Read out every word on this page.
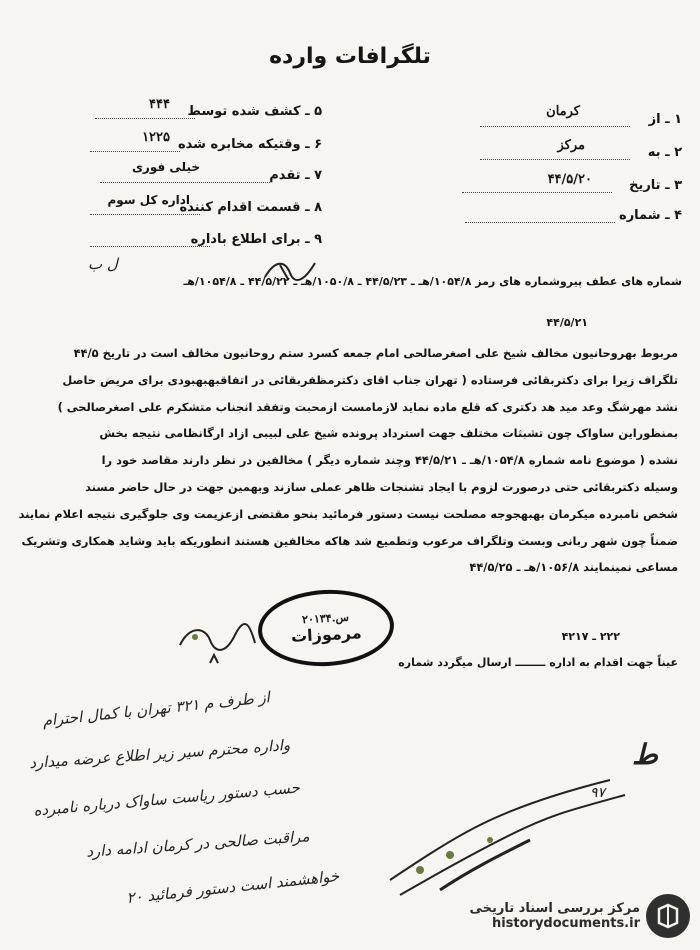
تلگرافات وارده
۱ ـ از
کرمان
۲ ـ به
مرکز
۳ ـ تاریخ
۴۴/۵/۲۰
۴ ـ شماره
۵ ـ کشف شده توسط
۴۴۴
۶ ـ وقتیکه مخابره شده
۱۲۲۵
۷ ـ تقدم
خیلی فوری
۸ ـ قسمت اقدام کننده
اداره کل سوم
۹ ـ برای اطلاع باداره
ل ب
شماره های عطف پیروشماره های رمز ۱۰۵۴/۸/هـ ـ ۴۴/۵/۲۳ ـ ۱۰۵۰/۸/هـ ـ ۴۴/۵/۲۲ ـ ۱۰۵۴/۸/هـ
۴۴/۵/۲۱
مربوط بهروحانیون مخالف شیخ علی اصغرصالحی امام جمعه کسرد ستم روحانیون مخالف است در تاریخ ۴۴/۵
تلگراف زیرا برای دکتربقائی فرستاده ( تهران جناب اقای دکترمظفربقائی در اتفاقبهبهبودی برای مریض حاصل
نشد مهرشگ وعد مید هد دکتری که قلع ماده نماید لازمامست ازمحبت وتفقد انجناب متشکرم علی اصغرصالحی )
بمنظوراین ساواک چون تشبثات مختلف جهت استرداد پرونده شیخ علی لبیبی ازاد ارگانظامی نتیجه بخش
نشده ( موضوع نامه شماره ۱۰۵۴/۸/هـ ـ ۴۴/۵/۲۱ وچند شماره دیگر ) مخالفین در نظر دارند مقاصد خود را
وسیله دکتربقائی حتی درصورت لزوم با ایجاد تشنجات ظاهر عملی سازند وبهمین جهت در حال حاضر مسند
شخص نامبرده میکرمان بهبهجوجه مصلحت نیست دستور فرمائید بنحو مقتضی ازعزیمت وی جلوگیری نتیجه اعلام نمایند
ضمناً چون شهر ربانی وبست وتلگراف مرعوب وتطمیع شد هاکه مخالفین هستند انطوریکه باید وشاید همکاری وتشریک
مساعی نمینمایند ۱۰۵۶/۸/هـ ـ ۴۴/۵/۲۵
س.۲۰۱۳۴
مرموزات	۲۲۲ ـ ۴۲۱۷
عیناً جهت اقدام به اداره ــــــــ ارسال میگردد شماره
از طرف م ۳۲۱ تهران با کمال احترام
واداره محترم سیر زیر اطلاع عرضه میدارد
حسب دستور ریاست ساواک درباره نامبرده
مراقبت صالحی در کرمان ادامه دارد
خواهشمند است دستور فرمائید ۲۰
ط
۹۷
مرکز بررسی اسناد تاریخی
historydocuments.ir
